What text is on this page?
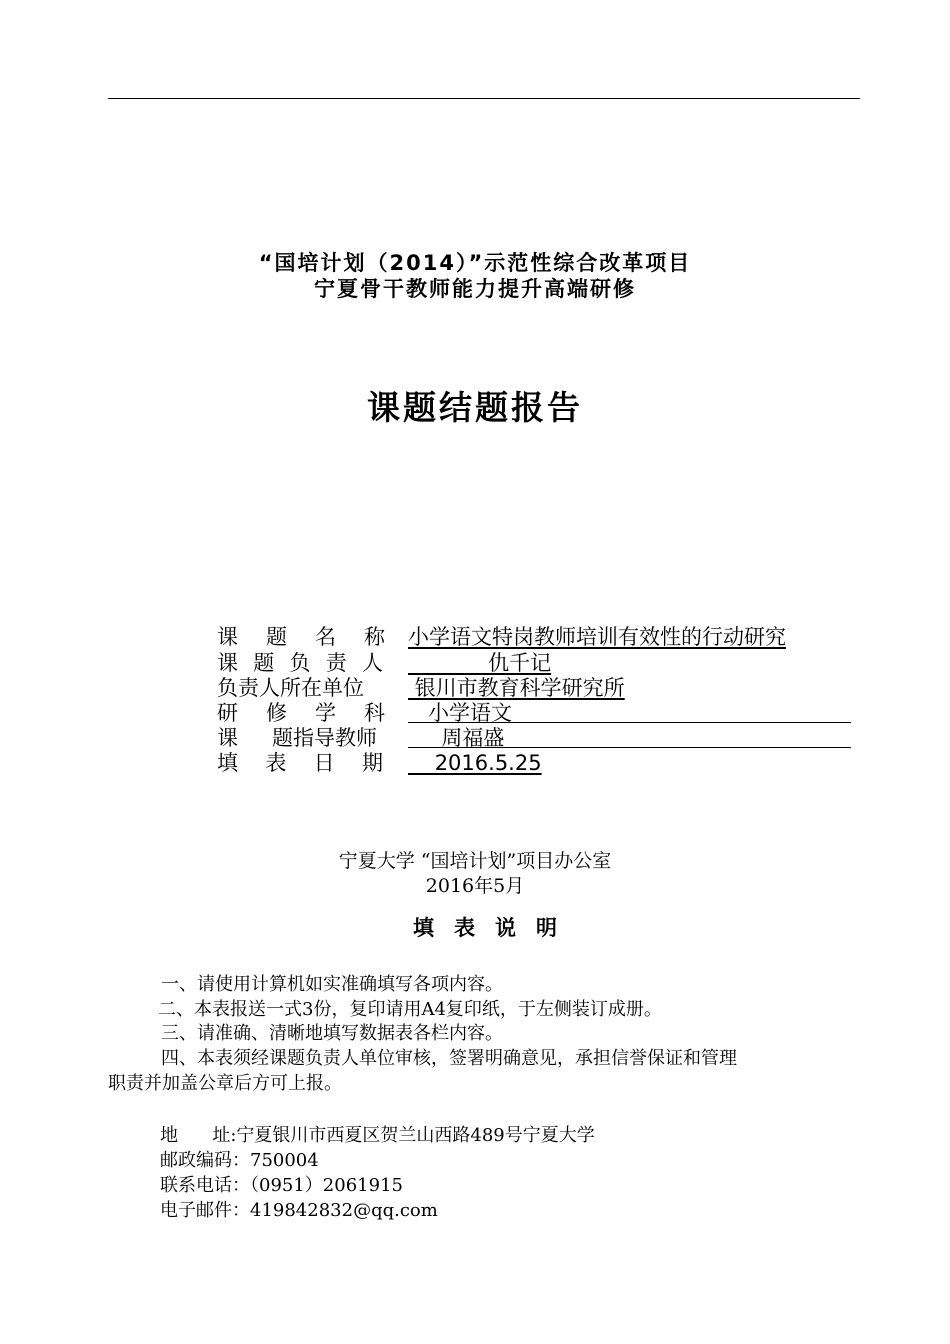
“国培计划（2014）”示范性综合改革项目
宁夏骨干教师能力提升高端研修
课题结题报告
课 题 名 称 小学语文特岗教师培训有效性的行动研究
课 题 负 责 人 仇千记
负责人所在单位	银川市教育科学研究所
研 修 学 科 小学语文
课 题指导教师	周福盛
填 表 日 期 2016.5.25
宁夏大学 “国培计划”项目办公室
2016年5月
填表说明
一、请使用计算机如实准确填写各项内容。
二、本表报送一式3份，复印请用A4复印纸，于左侧装订成册。
三、请准确、清晰地填写数据表各栏内容。
四、本表须经课题负责人单位审核，签署明确意见，承担信誉保证和管理
职责并加盖公章后方可上报。
地      址:宁夏银川市西夏区贺兰山西路489号宁夏大学
邮政编码：750004
联系电话：（0951）2061915
电子邮件：419842832@qq.com
